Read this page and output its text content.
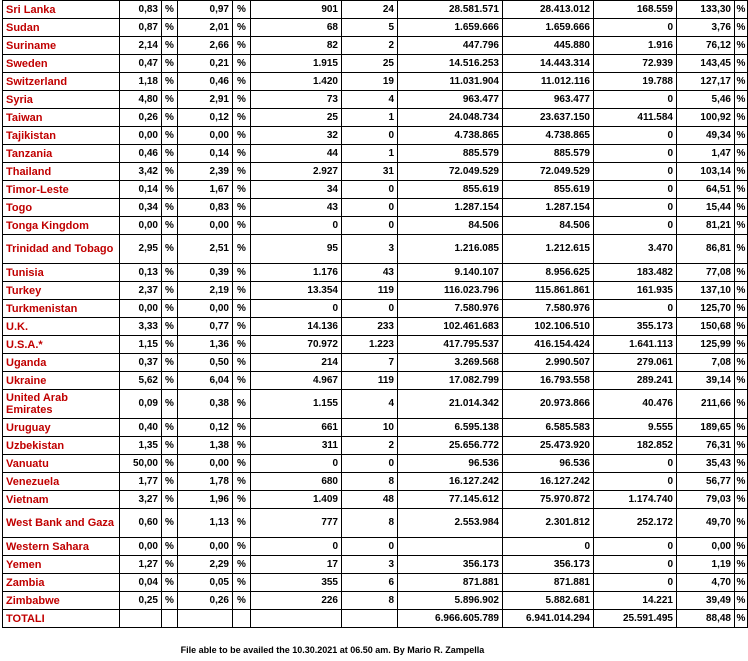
Sri Lanka	0,83	%	0,97	%	901	24	28.581.571	28.413.012	168.559	133,30	%
Sudan	0,87	%	2,01	%	68	5	1.659.666	1.659.666	0	3,76	%
Suriname	2,14	%	2,66	%	82	2	447.796	445.880	1.916	76,12	%
Sweden	0,47	%	0,21	%	1.915	25	14.516.253	14.443.314	72.939	143,45	%
Switzerland	1,18	%	0,46	%	1.420	19	11.031.904	11.012.116	19.788	127,17	%
Syria	4,80	%	2,91	%	73	4	963.477	963.477	0	5,46	%
Taiwan	0,26	%	0,12	%	25	1	24.048.734	23.637.150	411.584	100,92	%
Tajikistan	0,00	%	0,00	%	32	0	4.738.865	4.738.865	0	49,34	%
Tanzania	0,46	%	0,14	%	44	1	885.579	885.579	0	1,47	%
Thailand	3,42	%	2,39	%	2.927	31	72.049.529	72.049.529	0	103,14	%
Timor-Leste	0,14	%	1,67	%	34	0	855.619	855.619	0	64,51	%
Togo	0,34	%	0,83	%	43	0	1.287.154	1.287.154	0	15,44	%
Tonga Kingdom	0,00	%	0,00	%	0	0	84.506	84.506	0	81,21	%
Trinidad and Tobago	2,95	%	2,51	%	95	3	1.216.085	1.212.615	3.470	86,81	%
Tunisia	0,13	%	0,39	%	1.176	43	9.140.107	8.956.625	183.482	77,08	%
Turkey	2,37	%	2,19	%	13.354	119	116.023.796	115.861.861	161.935	137,10	%
Turkmenistan	0,00	%	0,00	%	0	0	7.580.976	7.580.976	0	125,70	%
U.K.	3,33	%	0,77	%	14.136	233	102.461.683	102.106.510	355.173	150,68	%
U.S.A.*	1,15	%	1,36	%	70.972	1.223	417.795.537	416.154.424	1.641.113	125,99	%
Uganda	0,37	%	0,50	%	214	7	3.269.568	2.990.507	279.061	7,08	%
Ukraine	5,62	%	6,04	%	4.967	119	17.082.799	16.793.558	289.241	39,14	%
United Arab Emirates	0,09	%	0,38	%	1.155	4	21.014.342	20.973.866	40.476	211,66	%
Uruguay	0,40	%	0,12	%	661	10	6.595.138	6.585.583	9.555	189,65	%
Uzbekistan	1,35	%	1,38	%	311	2	25.656.772	25.473.920	182.852	76,31	%
Vanuatu	50,00	%	0,00	%	0	0	96.536	96.536	0	35,43	%
Venezuela	1,77	%	1,78	%	680	8	16.127.242	16.127.242	0	56,77	%
Vietnam	3,27	%	1,96	%	1.409	48	77.145.612	75.970.872	1.174.740	79,03	%
West Bank and Gaza	0,60	%	1,13	%	777	8	2.553.984	2.301.812	252.172	49,70	%
Western Sahara	0,00	%	0,00	%	0	0		0	0	0,00	%
Yemen	1,27	%	2,29	%	17	3	356.173	356.173	0	1,19	%
Zambia	0,04	%	0,05	%	355	6	871.881	871.881	0	4,70	%
Zimbabwe	0,25	%	0,26	%	226	8	5.896.902	5.882.681	14.221	39,49	%
TOTALI							6.966.605.789	6.941.014.294	25.591.495	88,48	%
File able to be availed the 10.30.2021 at 06.50 am. By Mario R. Zampella
